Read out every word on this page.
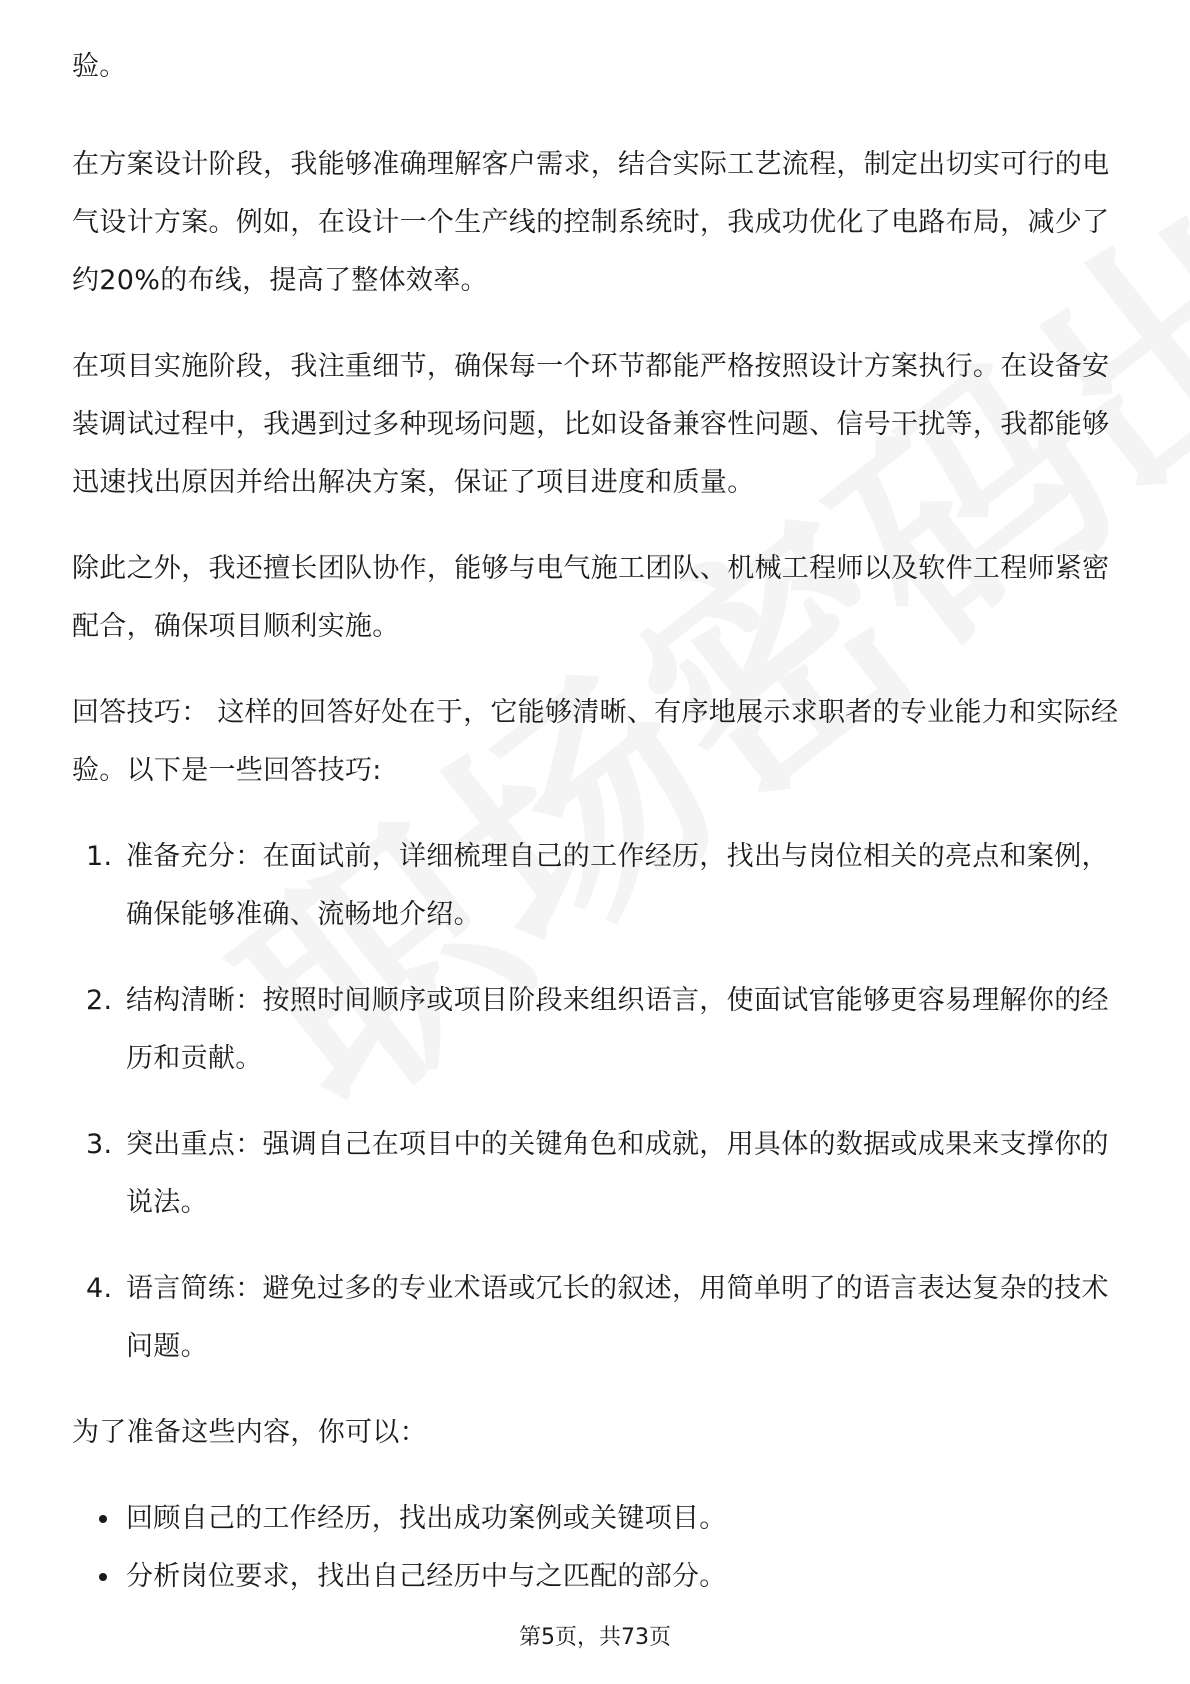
验。

在方案设计阶段，我能够准确理解客户需求，结合实际工艺流程，制定出切实可行的电气设计方案。例如，在设计一个生产线的控制系统时，我成功优化了电路布局，减少了约20%的布线，提高了整体效率。

在项目实施阶段，我注重细节，确保每一个环节都能严格按照设计方案执行。在设备安装调试过程中，我遇到过多种现场问题，比如设备兼容性问题、信号干扰等，我都能够迅速找出原因并给出解决方案，保证了项目进度和质量。

除此之外，我还擅长团队协作，能够与电气施工团队、机械工程师以及软件工程师紧密配合，确保项目顺利实施。

回答技巧： 这样的回答好处在于，它能够清晰、有序地展示求职者的专业能力和实际经验。以下是一些回答技巧:

1. 准备充分：在面试前，详细梳理自己的工作经历，找出与岗位相关的亮点和案例，确保能够准确、流畅地介绍。
2. 结构清晰：按照时间顺序或项目阶段来组织语言，使面试官能够更容易理解你的经历和贡献。
3. 突出重点：强调自己在项目中的关键角色和成就，用具体的数据或成果来支撑你的说法。
4. 语言简练：避免过多的专业术语或冗长的叙述，用简单明了的语言表达复杂的技术问题。

为了准备这些内容，你可以：

回顾自己的工作经历，找出成功案例或关键项目。
分析岗位要求，找出自己经历中与之匹配的部分。
第5页，共73页
